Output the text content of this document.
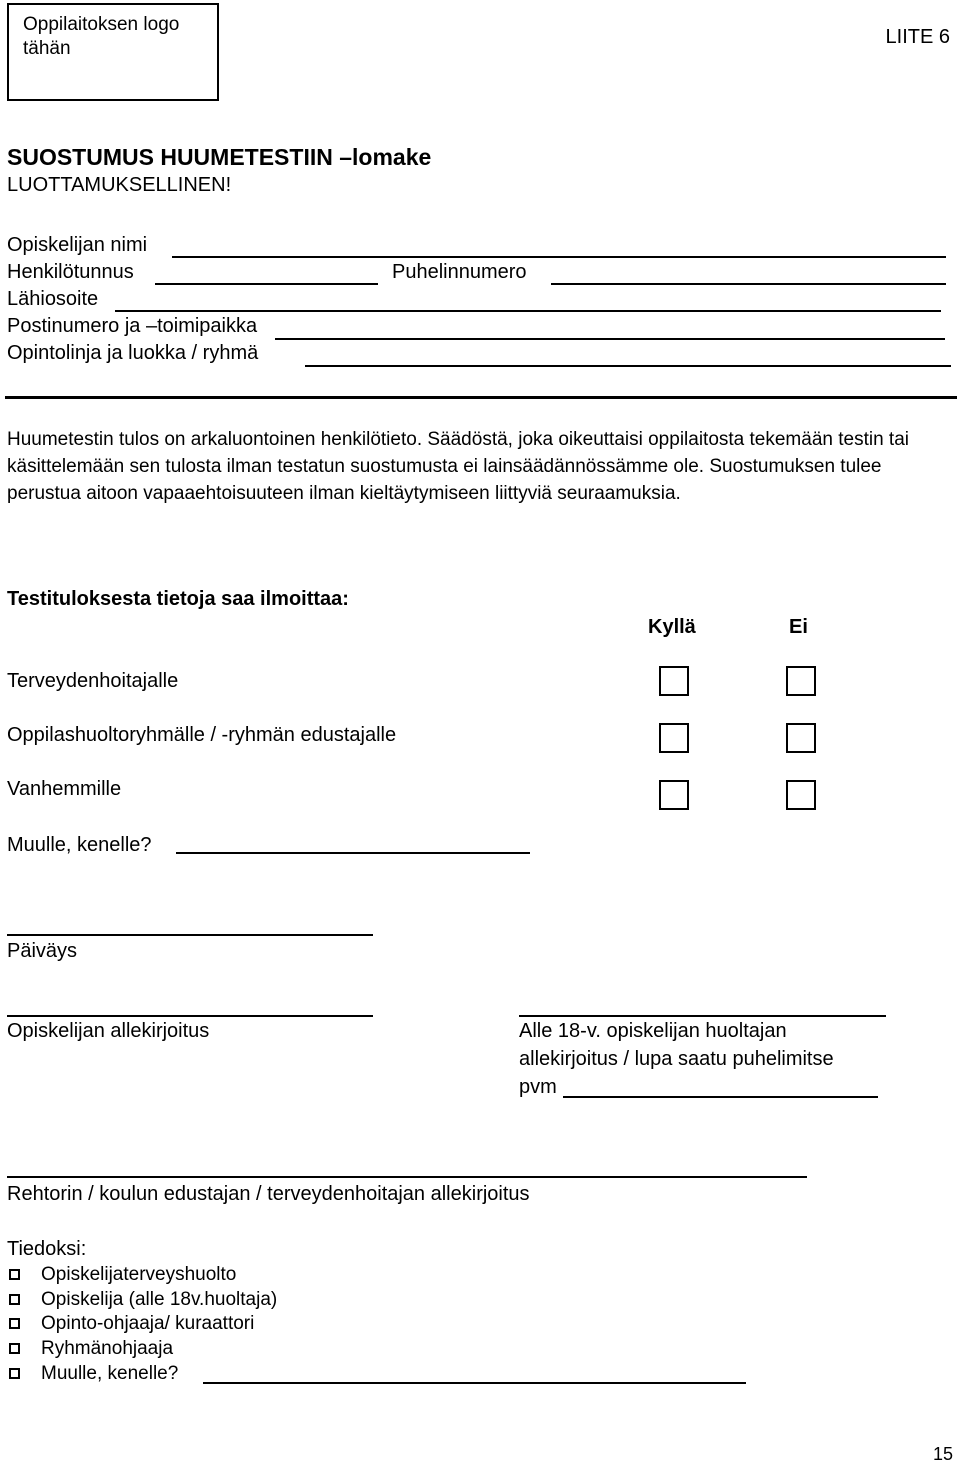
Oppilaitoksen logo tähän
LIITE 6
SUOSTUMUS HUUMETESTIIN –lomake
LUOTTAMUKSELLINEN!
Opiskelijan nimi
Henkilötunnus	Puhelinnumero
Lähiosoite
Postinumero ja –toimipaikka
Opintolinja ja luokka / ryhmä
Huumetestin tulos on arkaluontoinen henkilötieto. Säädöstä, joka oikeuttaisi oppilaitosta tekemään testin tai käsittelemään sen tulosta ilman testatun suostumusta ei lainsäädännössämme ole. Suostumuksen tulee perustua aitoon vapaaehtoisuuteen ilman kieltäytymiseen liittyviä seuraamuksia.
Testituloksesta tietoja saa ilmoittaa:
Kyllä	Ei
Terveydenhoitajalle
Oppilashuoltoryhmälle / -ryhmän edustajalle
Vanhemmille
Muulle, kenelle?
Päiväys
Opiskelijan allekirjoitus	Alle 18-v. opiskelijan huoltajan
allekirjoitus / lupa saatu puhelimitse
pvm
Rehtorin / koulun edustajan / terveydenhoitajan allekirjoitus
Tiedoksi:
Opiskelijaterveyshuolto
Opiskelija (alle 18v.huoltaja)
Opinto-ohjaaja/ kuraattori
Ryhmänohjaaja
Muulle, kenelle?
15
